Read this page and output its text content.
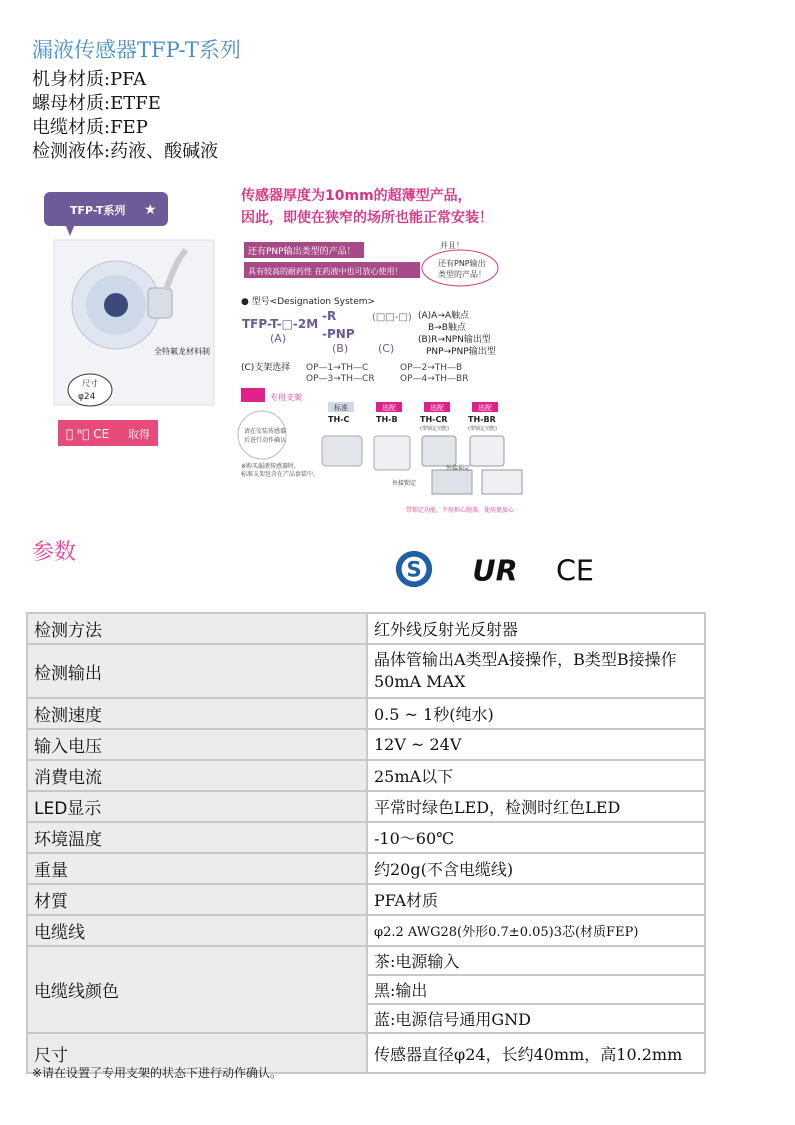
漏液传感器TFP-T系列
机身材质:PFA
螺母材质:ETFE
电缆材质:FEP
检测液体:药液、酸碱液
TFP-T系列 ★
全特氟龙材料制
尺寸
φ24
Ⓢ ᴿ᪲ CE 取得
传感器厚度为10mm的超薄型产品，
因此，即使在狭窄的场所也能正常安装！
还有PNP输出类型的产品！
具有较高的耐药性 在药液中也可放心使用！
并且！
还有PNP输出
类型的产品！
● 型号<Designation System>
TFP-T-□-2M
-R
-PNP
(□□-□)
(A)
(B)	(C)
(A)A→A触点
B→B触点
(B)R→NPN输出型
PNP→PNP输出型
(C)支架选择 OP—1→TH—C	OP—2→TH—B
OP—3→TH—CR	OP—4→TH—BR
专用支架
请在安装传感器
后进行动作确认
※购买漏液传感器时,
标准支架包含在产品套装中。
标准	选配	选配	选配
TH-C	TH-B	TH-CR	TH-BR
(带锁定功能)	(带锁定功能)
外接锁定
外接锁定
带锁定功能，不用担心脱落，使用更放心
参数
S UR CE
检测方法	红外线反射光反射器
检测输出	晶体管输出A类型A接操作，B类型B接操作 50mA MAX
检测速度	0.5 ~ 1秒(纯水)
输入电压	12V ~ 24V
消費电流	25mA以下
LED显示	平常时绿色LED，检测时红色LED
环境温度	-10～60℃
重量	约20g(不含电缆线)
材質	PFA材质
电缆线	φ2.2 AWG28(外形0.7±0.05)3芯(材质FEP)
电缆线颜色	茶:电源输入
	黑:输出
	蓝:电源信号通用GND
尺寸	传感器直径φ24，长约40mm，高10.2mm
※请在设置了专用支架的状态下进行动作确认。
